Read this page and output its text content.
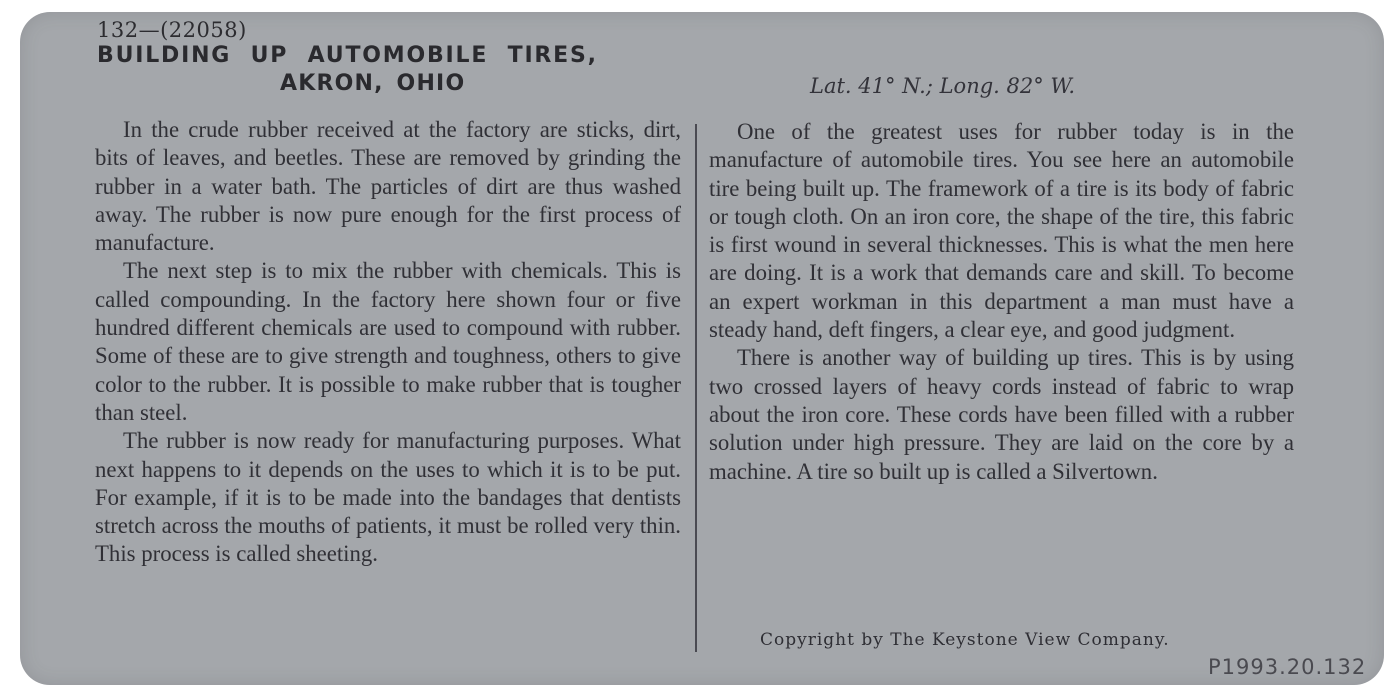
132—(22058)
BUILDING UP AUTOMOBILE TIRES,
AKRON, OHIO	Lat. 41° N.; Long. 82° W.

In the crude rubber received at the factory are sticks, dirt, bits of leaves, and beetles. These are removed by grinding the rubber in a water bath. The particles of dirt are thus washed away. The rubber is now pure enough for the first process of manufacture.

The next step is to mix the rubber with chemicals. This is called compounding. In the factory here shown four or five hundred different chemicals are used to compound with rubber. Some of these are to give strength and toughness, others to give color to the rubber. It is possible to make rubber that is tougher than steel.

The rubber is now ready for manufacturing purposes. What next happens to it depends on the uses to which it is to be put. For example, if it is to be made into the bandages that dentists stretch across the mouths of patients, it must be rolled very thin. This process is called sheeting.

One of the greatest uses for rubber today is in the manufacture of automobile tires. You see here an automobile tire being built up. The framework of a tire is its body of fabric or tough cloth. On an iron core, the shape of the tire, this fabric is first wound in several thicknesses. This is what the men here are doing. It is a work that demands care and skill. To become an expert workman in this department a man must have a steady hand, deft fingers, a clear eye, and good judgment.

There is another way of building up tires. This is by using two crossed layers of heavy cords instead of fabric to wrap about the iron core. These cords have been filled with a rubber solution under high pressure. They are laid on the core by a machine. A tire so built up is called a Silvertown.

Copyright by The Keystone View Company.
P1993.20.132
